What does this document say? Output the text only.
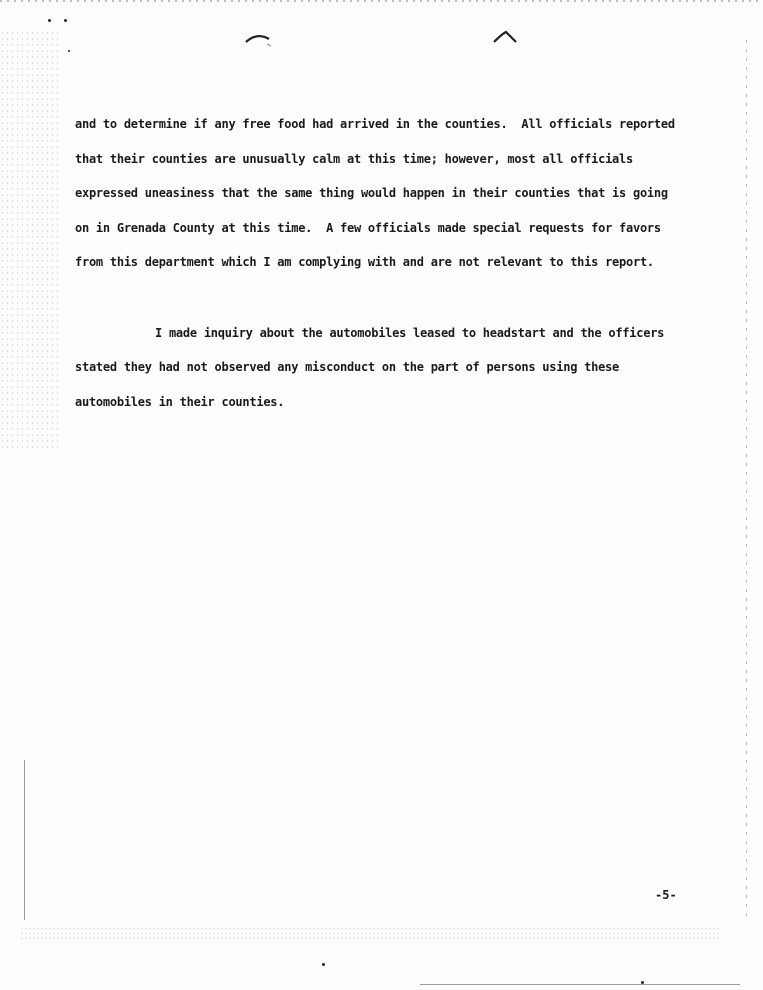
and to determine if any free food had arrived in the counties.  All officials reported

that their counties are unusually calm at this time; however, most all officials

expressed uneasiness that the same thing would happen in their counties that is going

on in Grenada County at this time.  A few officials made special requests for favors

from this department which I am complying with and are not relevant to this report.

I made inquiry about the automobiles leased to headstart and the officers

stated they had not observed any misconduct on the part of persons using these

automobiles in their counties.

-5-
